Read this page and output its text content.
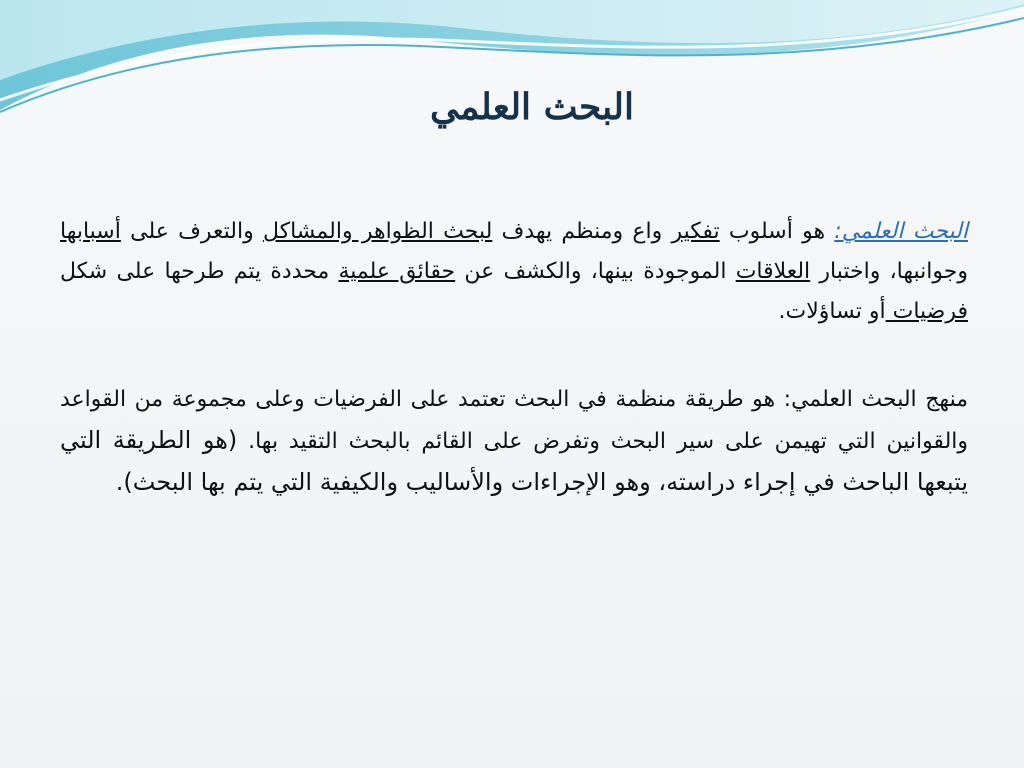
البحث العلمي

البحث العلمي: هو أسلوب تفكير واع ومنظم يهدف لبحث الظواهر والمشاكل والتعرف على أسبابها وجوانبها، واختبار العلاقات الموجودة بينها، والكشف عن حقائق علمية محددة يتم طرحها على شكل فرضيات أو تساؤلات.

منهج البحث العلمي: هو طريقة منظمة في البحث تعتمد على الفرضيات وعلى مجموعة من القواعد والقوانين التي تهيمن على سير البحث وتفرض على القائم بالبحث التقيد بها. (هو الطريقة التي يتبعها الباحث في إجراء دراسته، وهو الإجراءات والأساليب والكيفية التي يتم بها البحث).
